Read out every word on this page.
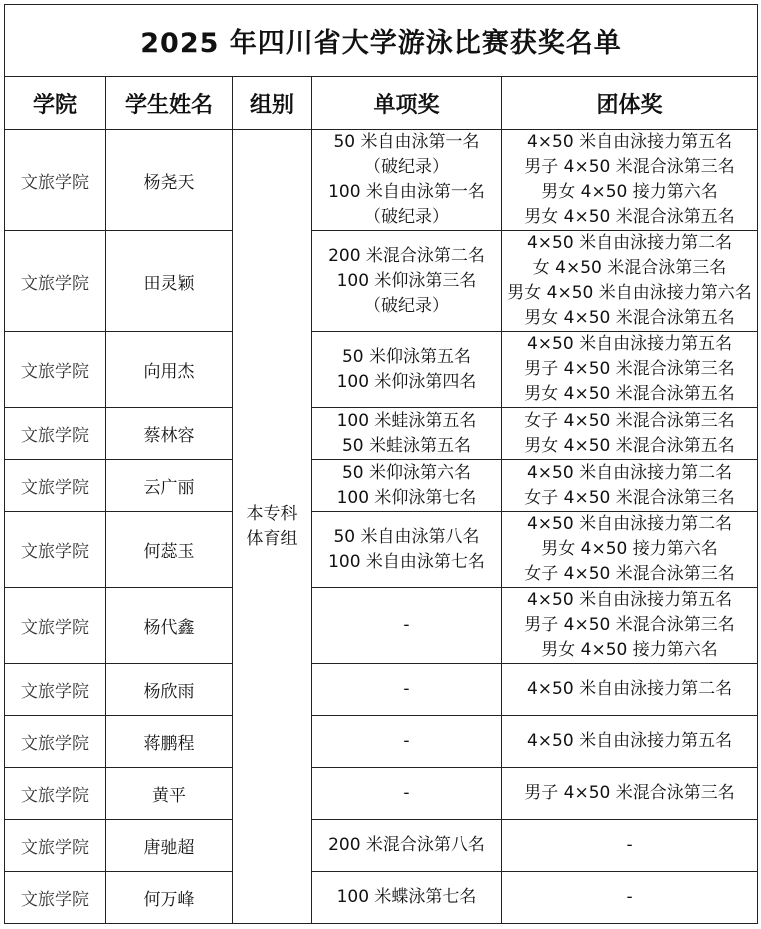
2025 年四川省大学游泳比赛获奖名单				
学院	学生姓名	组别	单项奖	团体奖
文旅学院	杨尧天	本专科
体育组	50 米自由泳第一名
（破纪录）
100 米自由泳第一名
（破纪录）	4×50 米自由泳接力第五名
男子 4×50 米混合泳第三名
男女 4×50 接力第六名
男女 4×50 米混合泳第五名

文旅学院	田灵颖		200 米混合泳第二名
100 米仰泳第三名
（破纪录）	4×50 米自由泳接力第二名
女 4×50 米混合泳第三名
男女 4×50 米自由泳接力第六名
男女 4×50 米混合泳第五名

文旅学院	向用杰		50 米仰泳第五名
100 米仰泳第四名	4×50 米自由泳接力第五名
男子 4×50 米混合泳第三名
男女 4×50 米混合泳第五名

文旅学院	蔡林容		100 米蛙泳第五名
50 米蛙泳第五名	女子 4×50 米混合泳第三名
男女 4×50 米混合泳第五名

文旅学院	云广丽		50 米仰泳第六名
100 米仰泳第七名	4×50 米自由泳接力第二名
女子 4×50 米混合泳第三名

文旅学院	何蕊玉		50 米自由泳第八名
100 米自由泳第七名	4×50 米自由泳接力第二名
男女 4×50 接力第六名
女子 4×50 米混合泳第三名

文旅学院	杨代鑫		-	4×50 米自由泳接力第五名
男子 4×50 米混合泳第三名
男女 4×50 接力第六名

文旅学院	杨欣雨		-	4×50 米自由泳接力第二名

文旅学院	蒋鹏程		-	4×50 米自由泳接力第五名

文旅学院	黄平		-	男子 4×50 米混合泳第三名

文旅学院	唐驰超		200 米混合泳第八名	-

文旅学院	何万峰		100 米蝶泳第七名	-
